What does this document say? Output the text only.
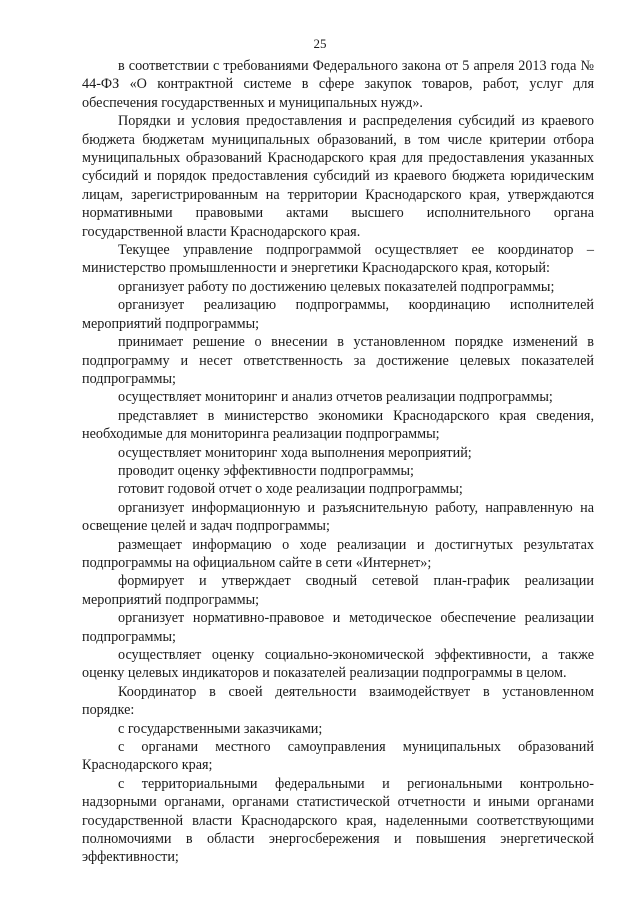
25

в соответствии с требованиями Федерального закона от 5 апреля 2013 года № 44-ФЗ «О контрактной системе в сфере закупок товаров, работ, услуг для обеспечения государственных и муниципальных нужд».

Порядки и условия предоставления и распределения субсидий из краевого бюджета бюджетам муниципальных образований, в том числе критерии отбора муниципальных образований Краснодарского края для предоставления указанных субсидий и порядок предоставления субсидий из краевого бюджета юридическим лицам, зарегистрированным на территории Краснодарского края, утверждаются нормативными правовыми актами высшего исполнительного органа государственной власти Краснодарского края.

Текущее управление подпрограммой осуществляет ее координатор – министерство промышленности и энергетики Краснодарского края, который:

организует работу по достижению целевых показателей подпрограммы;

организует реализацию подпрограммы, координацию исполнителей мероприятий подпрограммы;

принимает решение о внесении в установленном порядке изменений в подпрограмму и несет ответственность за достижение целевых показателей подпрограммы;

осуществляет мониторинг и анализ отчетов реализации подпрограммы;

представляет в министерство экономики Краснодарского края сведения, необходимые для мониторинга реализации подпрограммы;

осуществляет мониторинг хода выполнения мероприятий;

проводит оценку эффективности подпрограммы;

готовит годовой отчет о ходе реализации подпрограммы;

организует информационную и разъяснительную работу, направленную на освещение целей и задач подпрограммы;

размещает информацию о ходе реализации и достигнутых результатах подпрограммы на официальном сайте в сети «Интернет»;

формирует и утверждает сводный сетевой план-график реализации мероприятий подпрограммы;

организует нормативно-правовое и методическое обеспечение реализации подпрограммы;

осуществляет оценку социально-экономической эффективности, а также оценку целевых индикаторов и показателей реализации подпрограммы в целом.

Координатор в своей деятельности взаимодействует в установленном порядке:

с государственными заказчиками;

с органами местного самоуправления муниципальных образований Краснодарского края;

с территориальными федеральными и региональными контрольно-надзорными органами, органами статистической отчетности и иными органами государственной власти Краснодарского края, наделенными соответствующими полномочиями в области энергосбережения и повышения энергетической эффективности;
